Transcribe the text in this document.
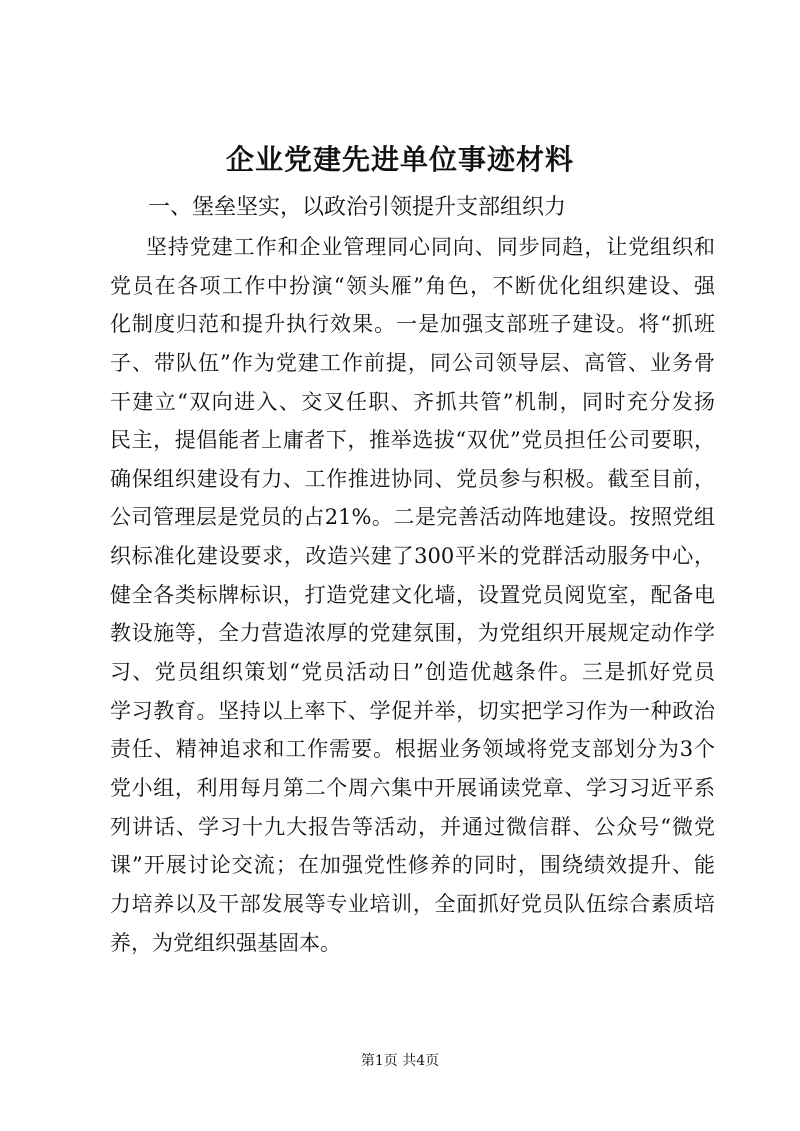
企业党建先进单位事迹材料

一、堡垒坚实，以政治引领提升支部组织力

坚持党建工作和企业管理同心同向、同步同趋，让党组织和
党员在各项工作中扮演“领头雁”角色，不断优化组织建设、强
化制度归范和提升执行效果。一是加强支部班子建设。将“抓班
子、带队伍”作为党建工作前提，同公司领导层、高管、业务骨
干建立“双向进入、交叉任职、齐抓共管”机制，同时充分发扬
民主，提倡能者上庸者下，推举选拔“双优”党员担任公司要职，
确保组织建设有力、工作推进协同、党员参与积极。截至目前，
公司管理层是党员的占21%。二是完善活动阵地建设。按照党组
织标准化建设要求，改造兴建了300平米的党群活动服务中心，
健全各类标牌标识，打造党建文化墙，设置党员阅览室，配备电
教设施等，全力营造浓厚的党建氛围，为党组织开展规定动作学
习、党员组织策划“党员活动日”创造优越条件。三是抓好党员
学习教育。坚持以上率下、学促并举，切实把学习作为一种政治
责任、精神追求和工作需要。根据业务领域将党支部划分为3个
党小组，利用每月第二个周六集中开展诵读党章、学习习近平系
列讲话、学习十九大报告等活动，并通过微信群、公众号“微党
课”开展讨论交流；在加强党性修养的同时，围绕绩效提升、能
力培养以及干部发展等专业培训，全面抓好党员队伍综合素质培
养，为党组织强基固本。

第1页 共4页
